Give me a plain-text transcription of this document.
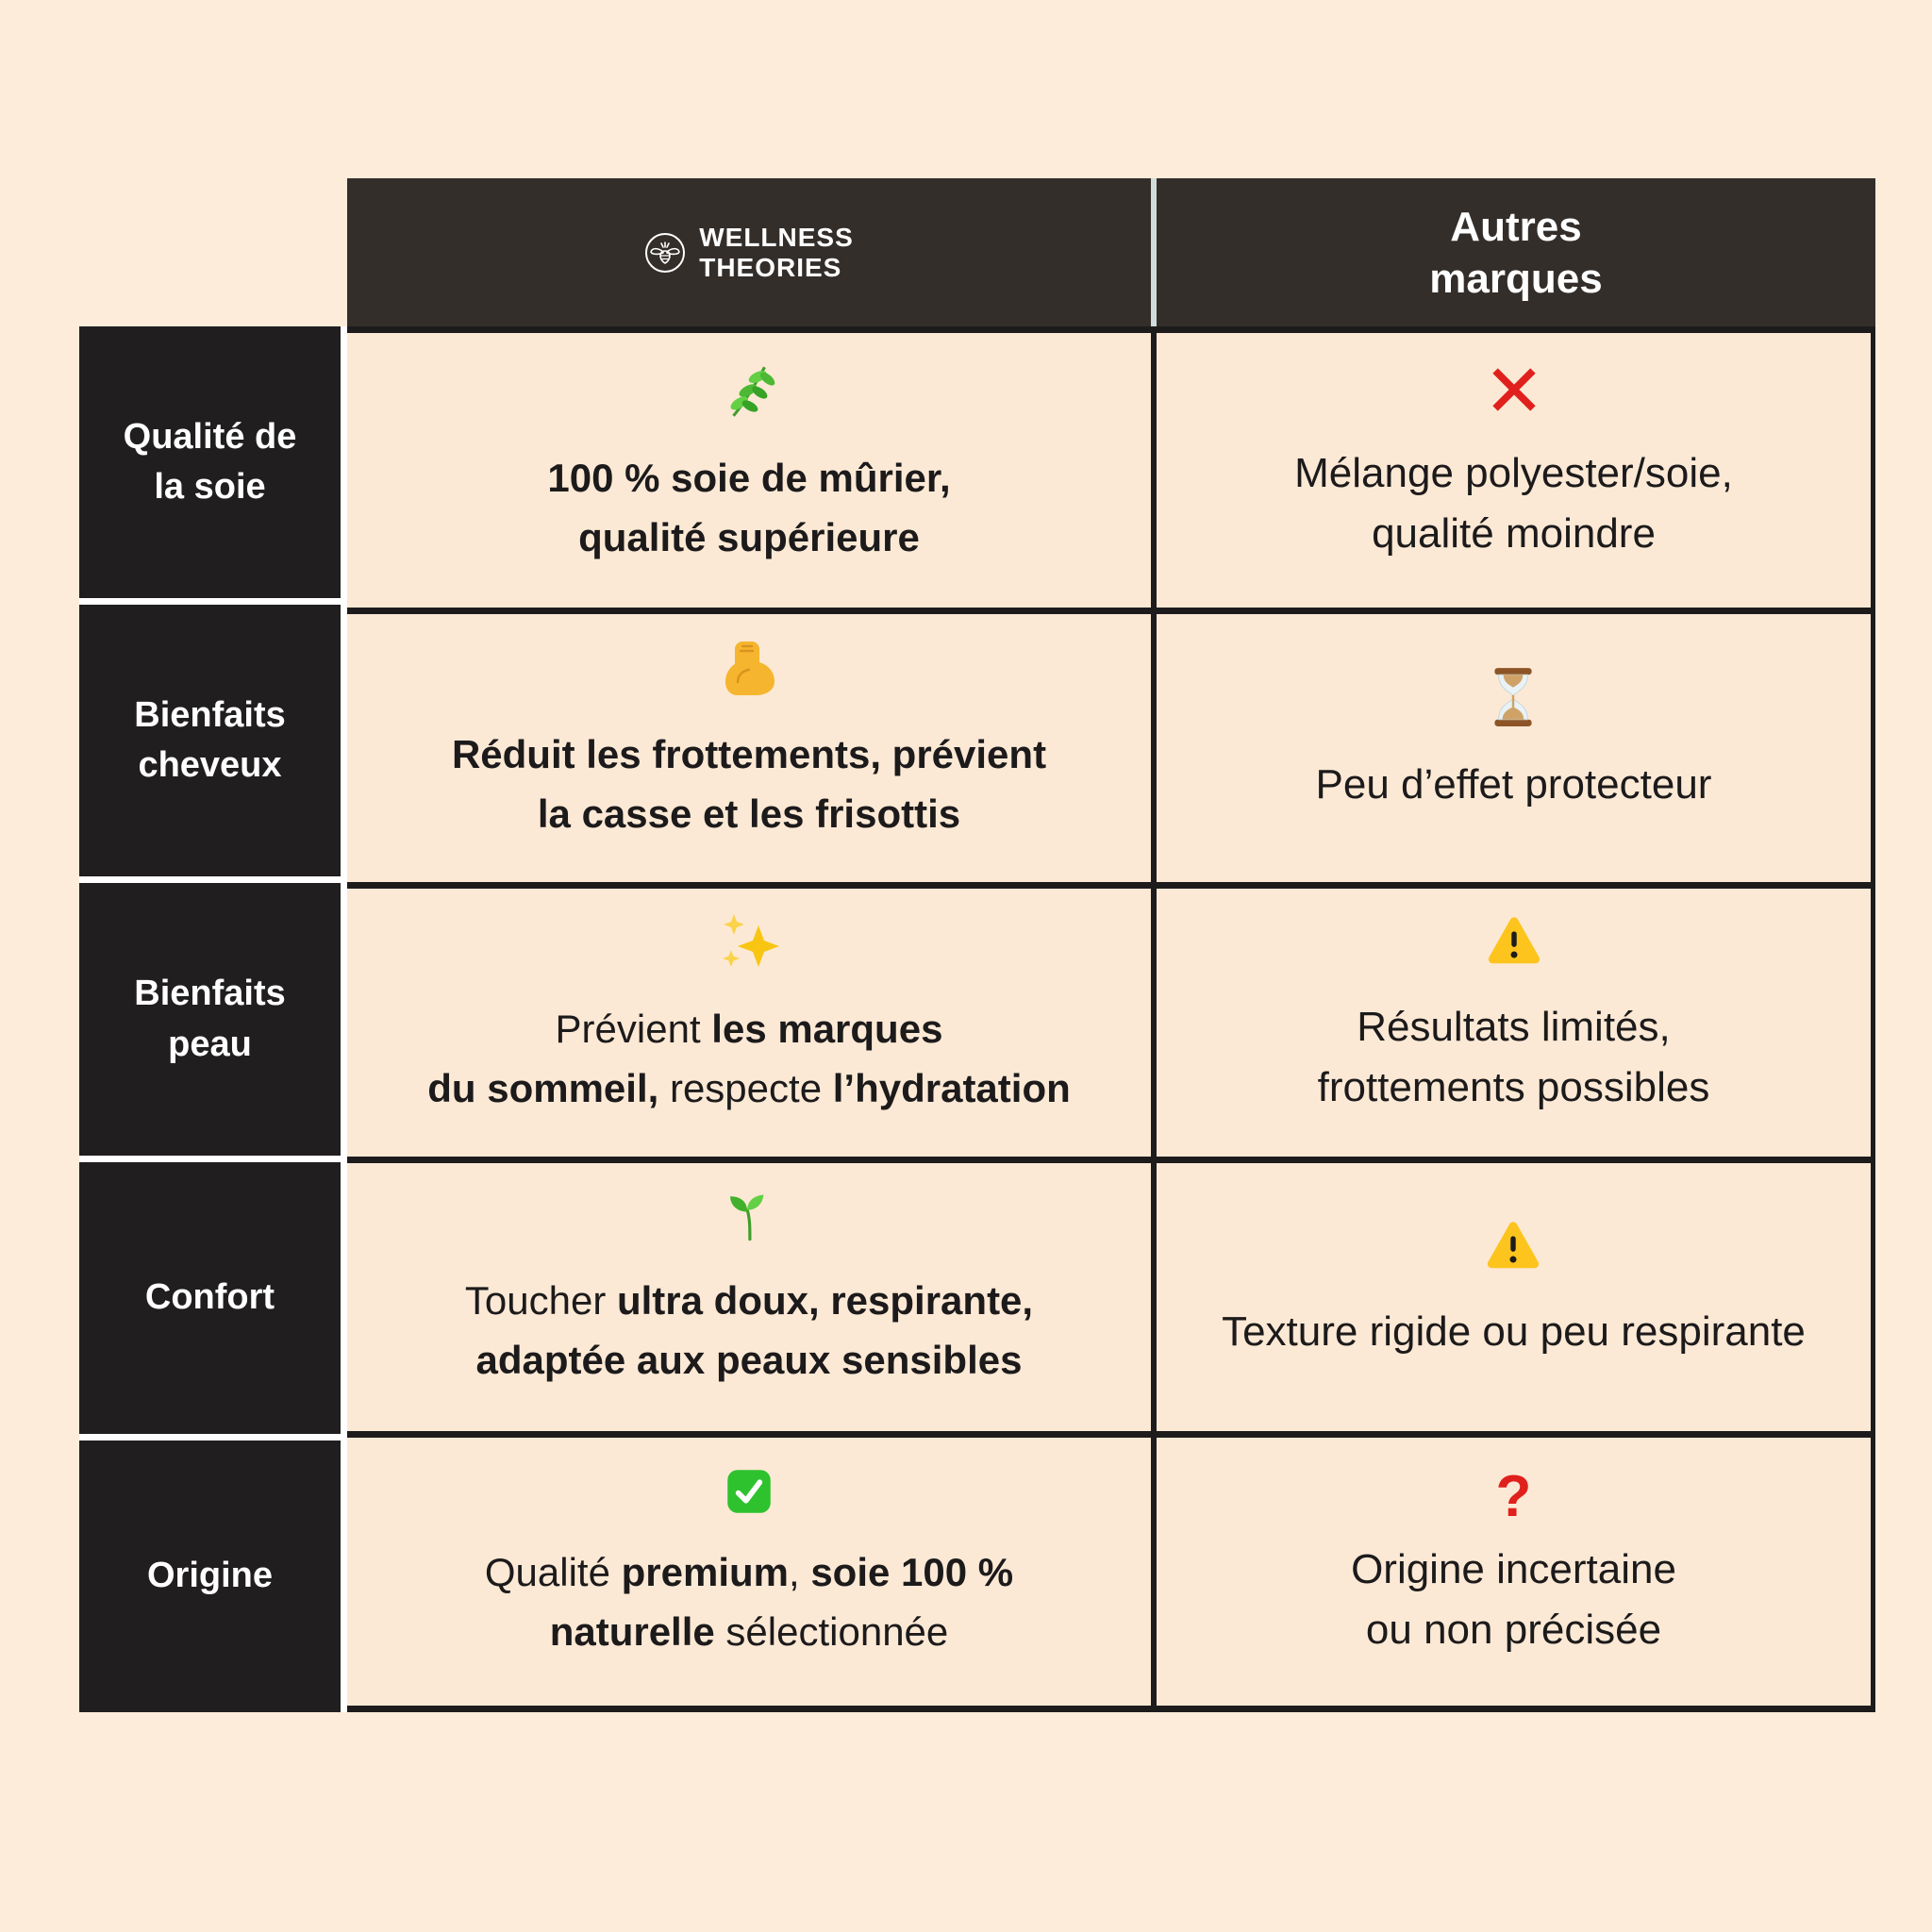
WELLNESS
THEORIES
Autres
marques
Qualité de
la soie
Bienfaits
cheveux
Bienfaits
peau
Confort
Origine
100 % soie de mûrier,
qualité supérieure
Mélange polyester/soie,
qualité moindre
Réduit les frottements, prévient
la casse et les frisottis
Peu d’effet protecteur
Prévient les marques
du sommeil, respecte l’hydratation
Résultats limités,
frottements possibles
Toucher ultra doux, respirante,
adaptée aux peaux sensibles
Texture rigide ou peu respirante
Qualité premium, soie 100 %
naturelle sélectionnée
?
Origine incertaine
ou non précisée
